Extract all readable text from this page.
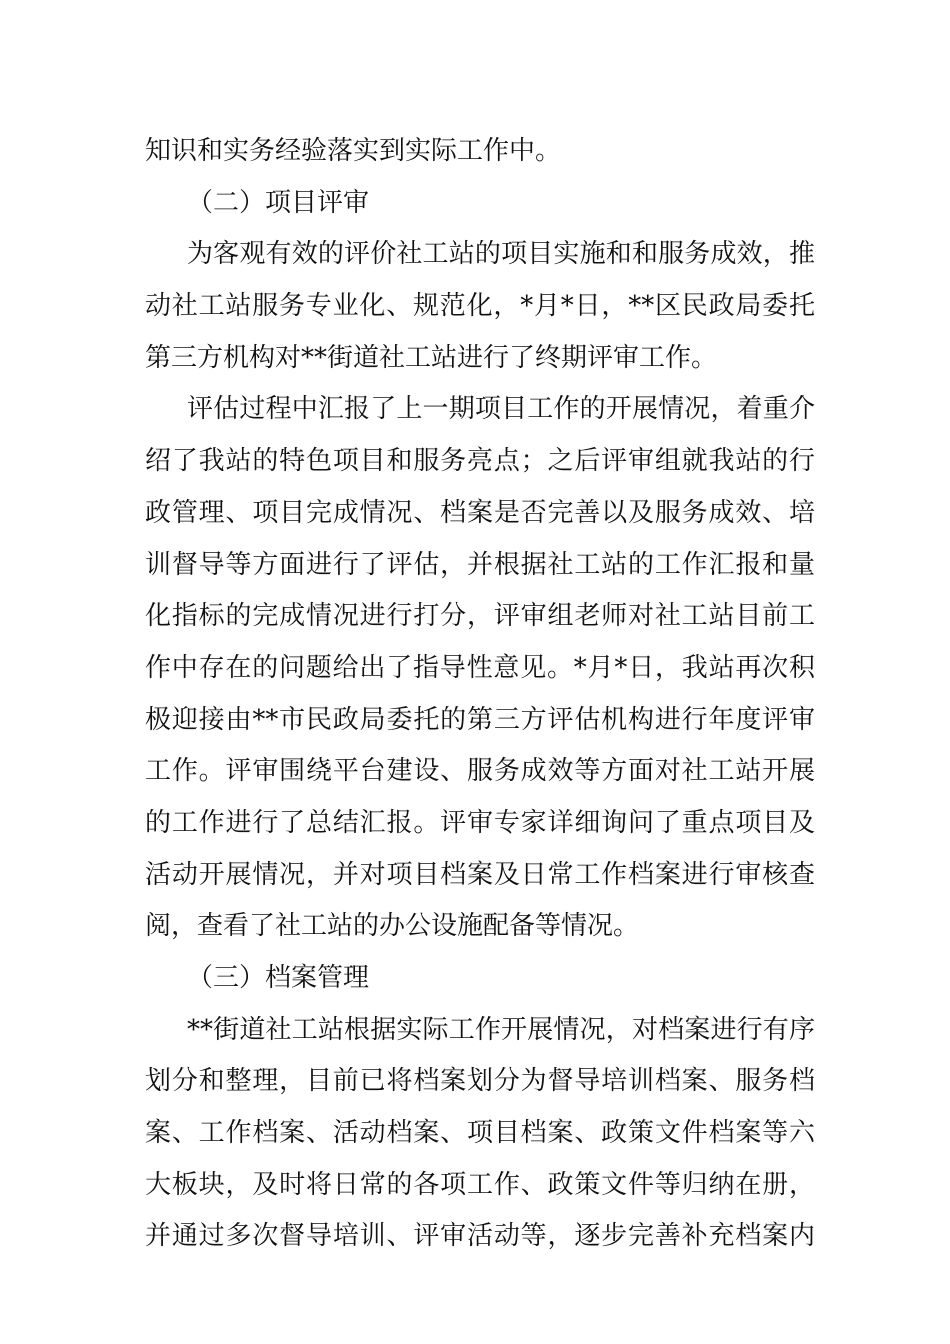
知识和实务经验落实到实际工作中。
（二）项目评审
为客观有效的评价社工站的项目实施和和服务成效，推
动社工站服务专业化、规范化，*月*日，**区民政局委托
第三方机构对**街道社工站进行了终期评审工作。
评估过程中汇报了上一期项目工作的开展情况，着重介
绍了我站的特色项目和服务亮点；之后评审组就我站的行
政管理、项目完成情况、档案是否完善以及服务成效、培
训督导等方面进行了评估，并根据社工站的工作汇报和量
化指标的完成情况进行打分，评审组老师对社工站目前工
作中存在的问题给出了指导性意见。*月*日，我站再次积
极迎接由**市民政局委托的第三方评估机构进行年度评审
工作。评审围绕平台建设、服务成效等方面对社工站开展
的工作进行了总结汇报。评审专家详细询问了重点项目及
活动开展情况，并对项目档案及日常工作档案进行审核查
阅，查看了社工站的办公设施配备等情况。
（三）档案管理
**街道社工站根据实际工作开展情况，对档案进行有序
划分和整理，目前已将档案划分为督导培训档案、服务档
案、工作档案、活动档案、项目档案、政策文件档案等六
大板块，及时将日常的各项工作、政策文件等归纳在册，
并通过多次督导培训、评审活动等，逐步完善补充档案内
